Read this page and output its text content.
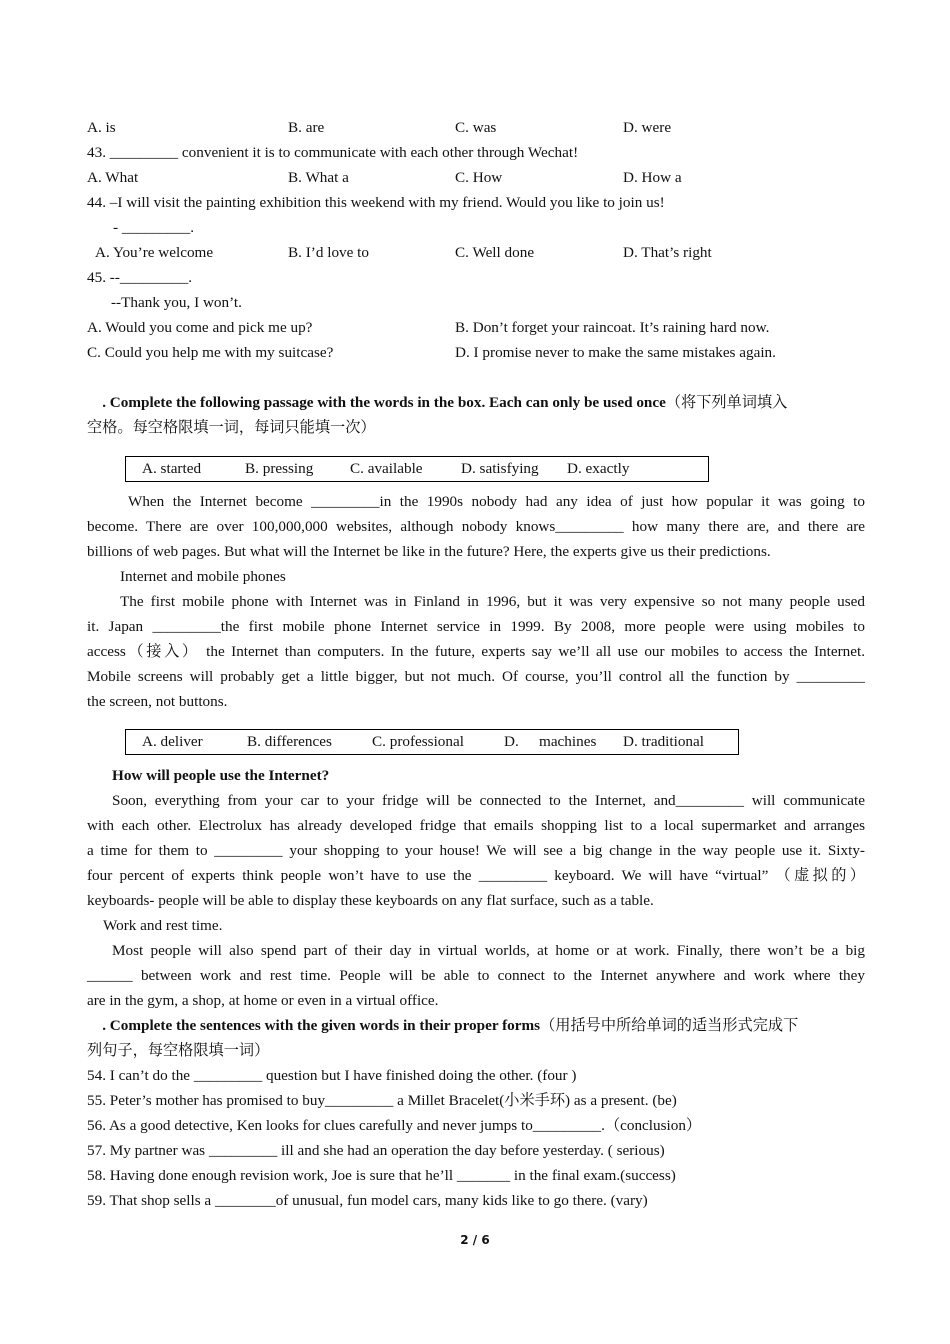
A. is	B. are	C. was	D. were
43. _________ convenient it is to communicate with each other through Wechat!
A. What	B. What a	C. How	D. How a
44. –I will visit the painting exhibition this weekend with my friend. Would you like to join us!
- _________.
A. You’re welcome	B. I’d love to	C. Well done	D. That’s right
45. --_________.
--Thank you, I won’t.
A. Would you come and pick me up?	B. Don’t forget your raincoat. It’s raining hard now.
C. Could you help me with my suitcase?	D. I promise never to make the same mistakes again.
 . Complete the following passage with the words in the box. Each can only be used once（将下列单词填入
空格。每空格限填一词，每词只能填一次）
A. started	B. pressing C. available	D. satisfying D. exactly
When the Internet become _________in the 1990s nobody had any idea of just how popular it was going to
become. There are over 100,000,000 websites, although nobody knows_________ how many there are, and there are
billions of web pages. But what will the Internet be like in the future? Here, the experts give us their predictions.
Internet and mobile phones
The first mobile phone with Internet was in Finland in 1996, but it was very expensive so not many people used
it. Japan _________the first mobile phone Internet service in 1999. By 2008, more people were using mobiles to
access（接入） the Internet than computers. In the future, experts say we’ll all use our mobiles to access the Internet.
Mobile screens will probably get a little bigger, but not much. Of course, you’ll control all the function by _________
the screen, not buttons.
A. deliver	B. differences	C. professional	D. machines D. traditional
How will people use the Internet?
Soon, everything from your car to your fridge will be connected to the Internet, and_________ will communicate
with each other. Electrolux has already developed fridge that emails shopping list to a local supermarket and arranges
a time for them to _________ your shopping to your house! We will see a big change in the way people use it. Sixty-
four percent of experts think people won’t have to use the _________ keyboard. We will have “virtual” （虚拟的）
keyboards- people will be able to display these keyboards on any flat surface, such as a table.
Work and rest time.
Most people will also spend part of their day in virtual worlds, at home or at work. Finally, there won’t be a big
______ between work and rest time. People will be able to connect to the Internet anywhere and work where they
are in the gym, a shop, at home or even in a virtual office.
 . Complete the sentences with the given words in their proper forms（用括号中所给单词的适当形式完成下
列句子，每空格限填一词）
54. I can’t do the _________ question but I have finished doing the other. (four )
55. Peter’s mother has promised to buy_________ a Millet Bracelet(小米手环) as a present. (be)
56. As a good detective, Ken looks for clues carefully and never jumps to_________.（conclusion）
57. My partner was _________ ill and she had an operation the day before yesterday. ( serious)
58. Having done enough revision work, Joe is sure that he’ll _______ in the final exam.(success)
59. That shop sells a ________of unusual, fun model cars, many kids like to go there. (vary)
2 / 6
